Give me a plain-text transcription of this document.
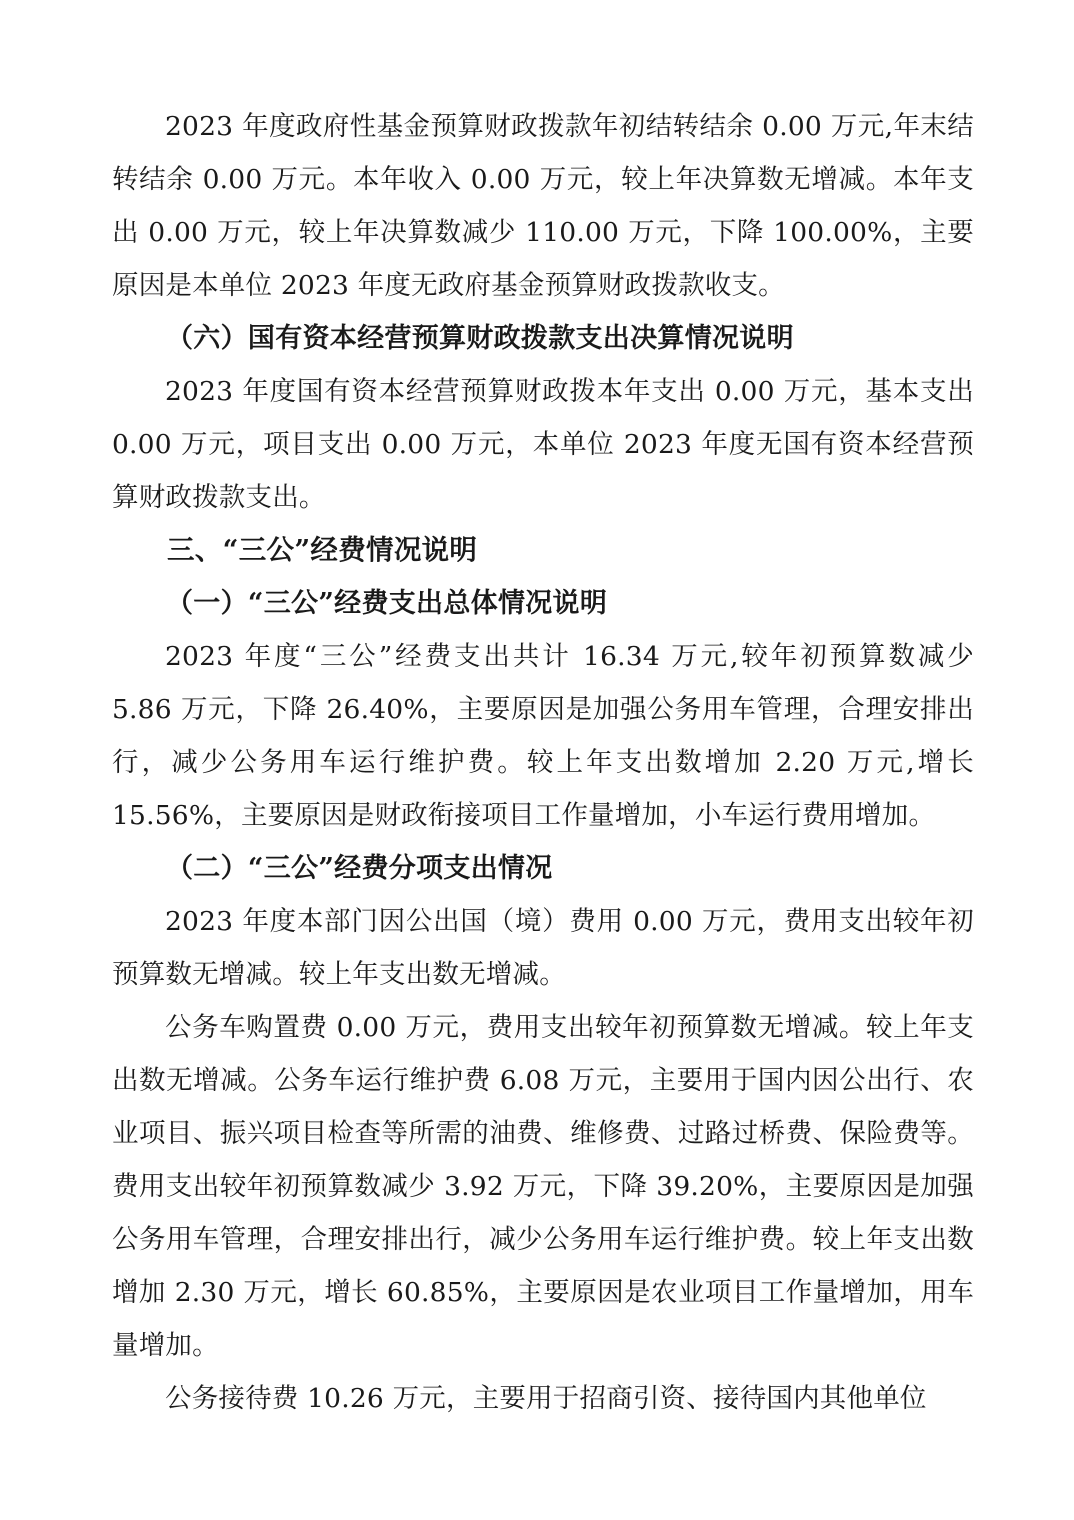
2023 年度政府性基金预算财政拨款年初结转结余 0.00 万元,年末结转结余 0.00 万元。本年收入 0.00 万元，较上年决算数无增减。本年支出 0.00 万元，较上年决算数减少 110.00 万元，下降 100.00%，主要原因是本单位 2023 年度无政府基金预算财政拨款收支。

（六）国有资本经营预算财政拨款支出决算情况说明

2023 年度国有资本经营预算财政拨本年支出 0.00 万元，基本支出 0.00 万元，项目支出 0.00 万元，本单位 2023 年度无国有资本经营预算财政拨款支出。

三、“三公”经费情况说明

（一）“三公”经费支出总体情况说明

2023 年度“三公”经费支出共计 16.34 万元,较年初预算数减少 5.86 万元，下降 26.40%，主要原因是加强公务用车管理，合理安排出行，减少公务用车运行维护费。较上年支出数增加 2.20 万元,增长 15.56%，主要原因是财政衔接项目工作量增加，小车运行费用增加。

（二）“三公”经费分项支出情况

2023 年度本部门因公出国（境）费用 0.00 万元，费用支出较年初预算数无增减。较上年支出数无增减。

公务车购置费 0.00 万元，费用支出较年初预算数无增减。较上年支出数无增减。公务车运行维护费 6.08 万元，主要用于国内因公出行、农业项目、振兴项目检查等所需的油费、维修费、过路过桥费、保险费等。费用支出较年初预算数减少 3.92 万元，下降 39.20%，主要原因是加强公务用车管理，合理安排出行，减少公务用车运行维护费。较上年支出数增加 2.30 万元，增长 60.85%，主要原因是农业项目工作量增加，用车量增加。

公务接待费 10.26 万元，主要用于招商引资、接待国内其他单位
